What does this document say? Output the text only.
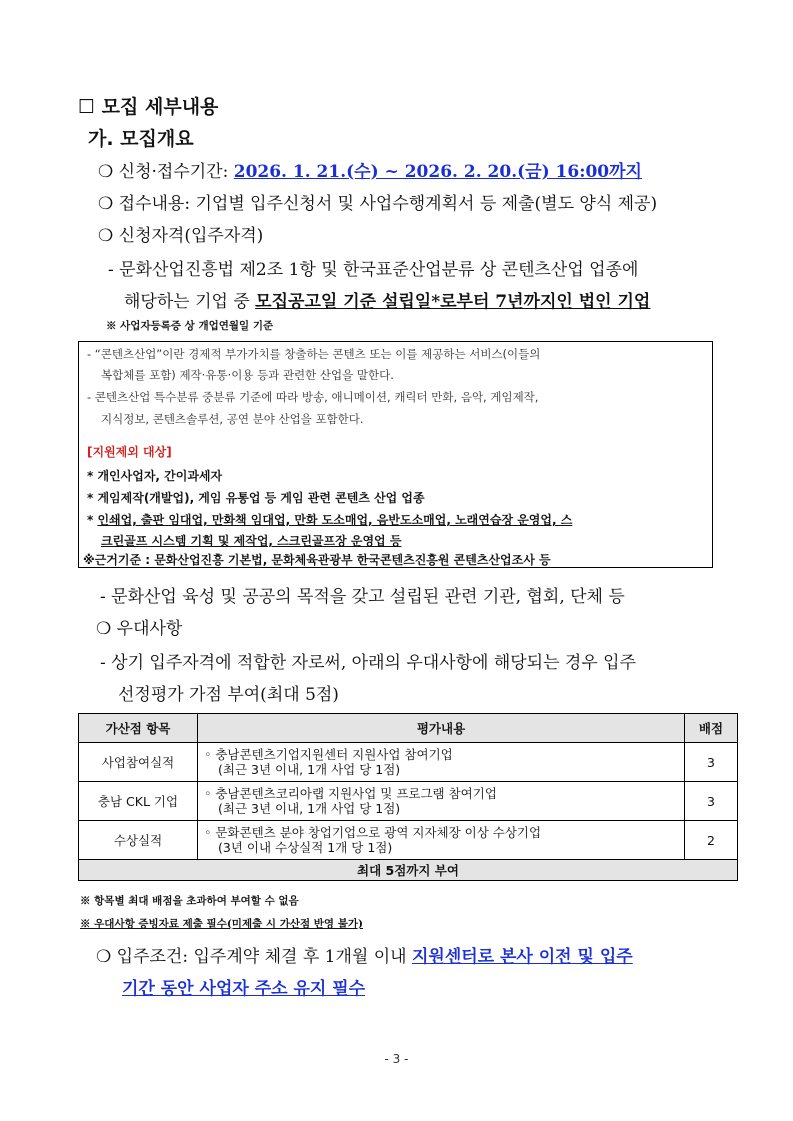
☐ 모집 세부내용
가. 모집개요
❍ 신청·접수기간: 2026. 1. 21.(수) ~ 2026. 2. 20.(금) 16:00까지
❍ 접수내용: 기업별 입주신청서 및 사업수행계획서 등 제출(별도 양식 제공)
❍ 신청자격(입주자격)
- 문화산업진흥법 제2조 1항 및 한국표준산업분류 상 콘텐츠산업 업종에
해당하는 기업 중 모집공고일 기준 설립일*로부터 7년까지인 법인 기업
※ 사업자등록증 상 개업연월일 기준
- “콘텐츠산업”이란 경제적 부가가치를 창출하는 콘텐츠 또는 이를 제공하는 서비스(이들의
복합체를 포함) 제작·유통·이용 등과 관련한 산업을 말한다.
- 콘텐츠산업 특수분류 중분류 기준에 따라 방송, 애니메이션, 캐릭터 만화, 음악, 게임제작,
지식정보, 콘텐츠솔루션, 공연 분야 산업을 포함한다.
[지원제외 대상]
* 개인사업자, 간이과세자
* 게임제작(개발업), 게임 유통업 등 게임 관련 콘텐츠 산업 업종
* 인쇄업, 출판 임대업, 만화책 임대업, 만화 도소매업, 음반도소매업, 노래연습장 운영업, 스
크린골프 시스템 기획 및 제작업, 스크린골프장 운영업 등
※근거기준 : 문화산업진흥 기본법, 문화체육관광부 한국콘텐츠진흥원 콘텐츠산업조사 등
- 문화산업 육성 및 공공의 목적을 갖고 설립된 관련 기관, 협회, 단체 등
❍ 우대사항
- 상기 입주자격에 적합한 자로써, 아래의 우대사항에 해당되는 경우 입주
선정평가 가점 부여(최대 5점)
가산점 항목	평가내용	배점
사업참여실적	◦ 충남콘텐츠기업지원센터 지원사업 참여기업
(최근 3년 이내, 1개 사업 당 1점)	3
충남 CKL 기업	◦ 충남콘텐츠코리아랩 지원사업 및 프로그램 참여기업
(최근 3년 이내, 1개 사업 당 1점)	3
수상실적	◦ 문화콘텐츠 분야 창업기업으로 광역 지자체장 이상 수상기업
(3년 이내 수상실적 1개 당 1점)	2
최대 5점까지 부여		
※ 항목별 최대 배점을 초과하여 부여할 수 없음
※ 우대사항 증빙자료 제출 필수(미제출 시 가산점 반영 불가)
❍ 입주조건: 입주계약 체결 후 1개월 이내 지원센터로 본사 이전 및 입주
기간 동안 사업자 주소 유지 필수
- 3 -
